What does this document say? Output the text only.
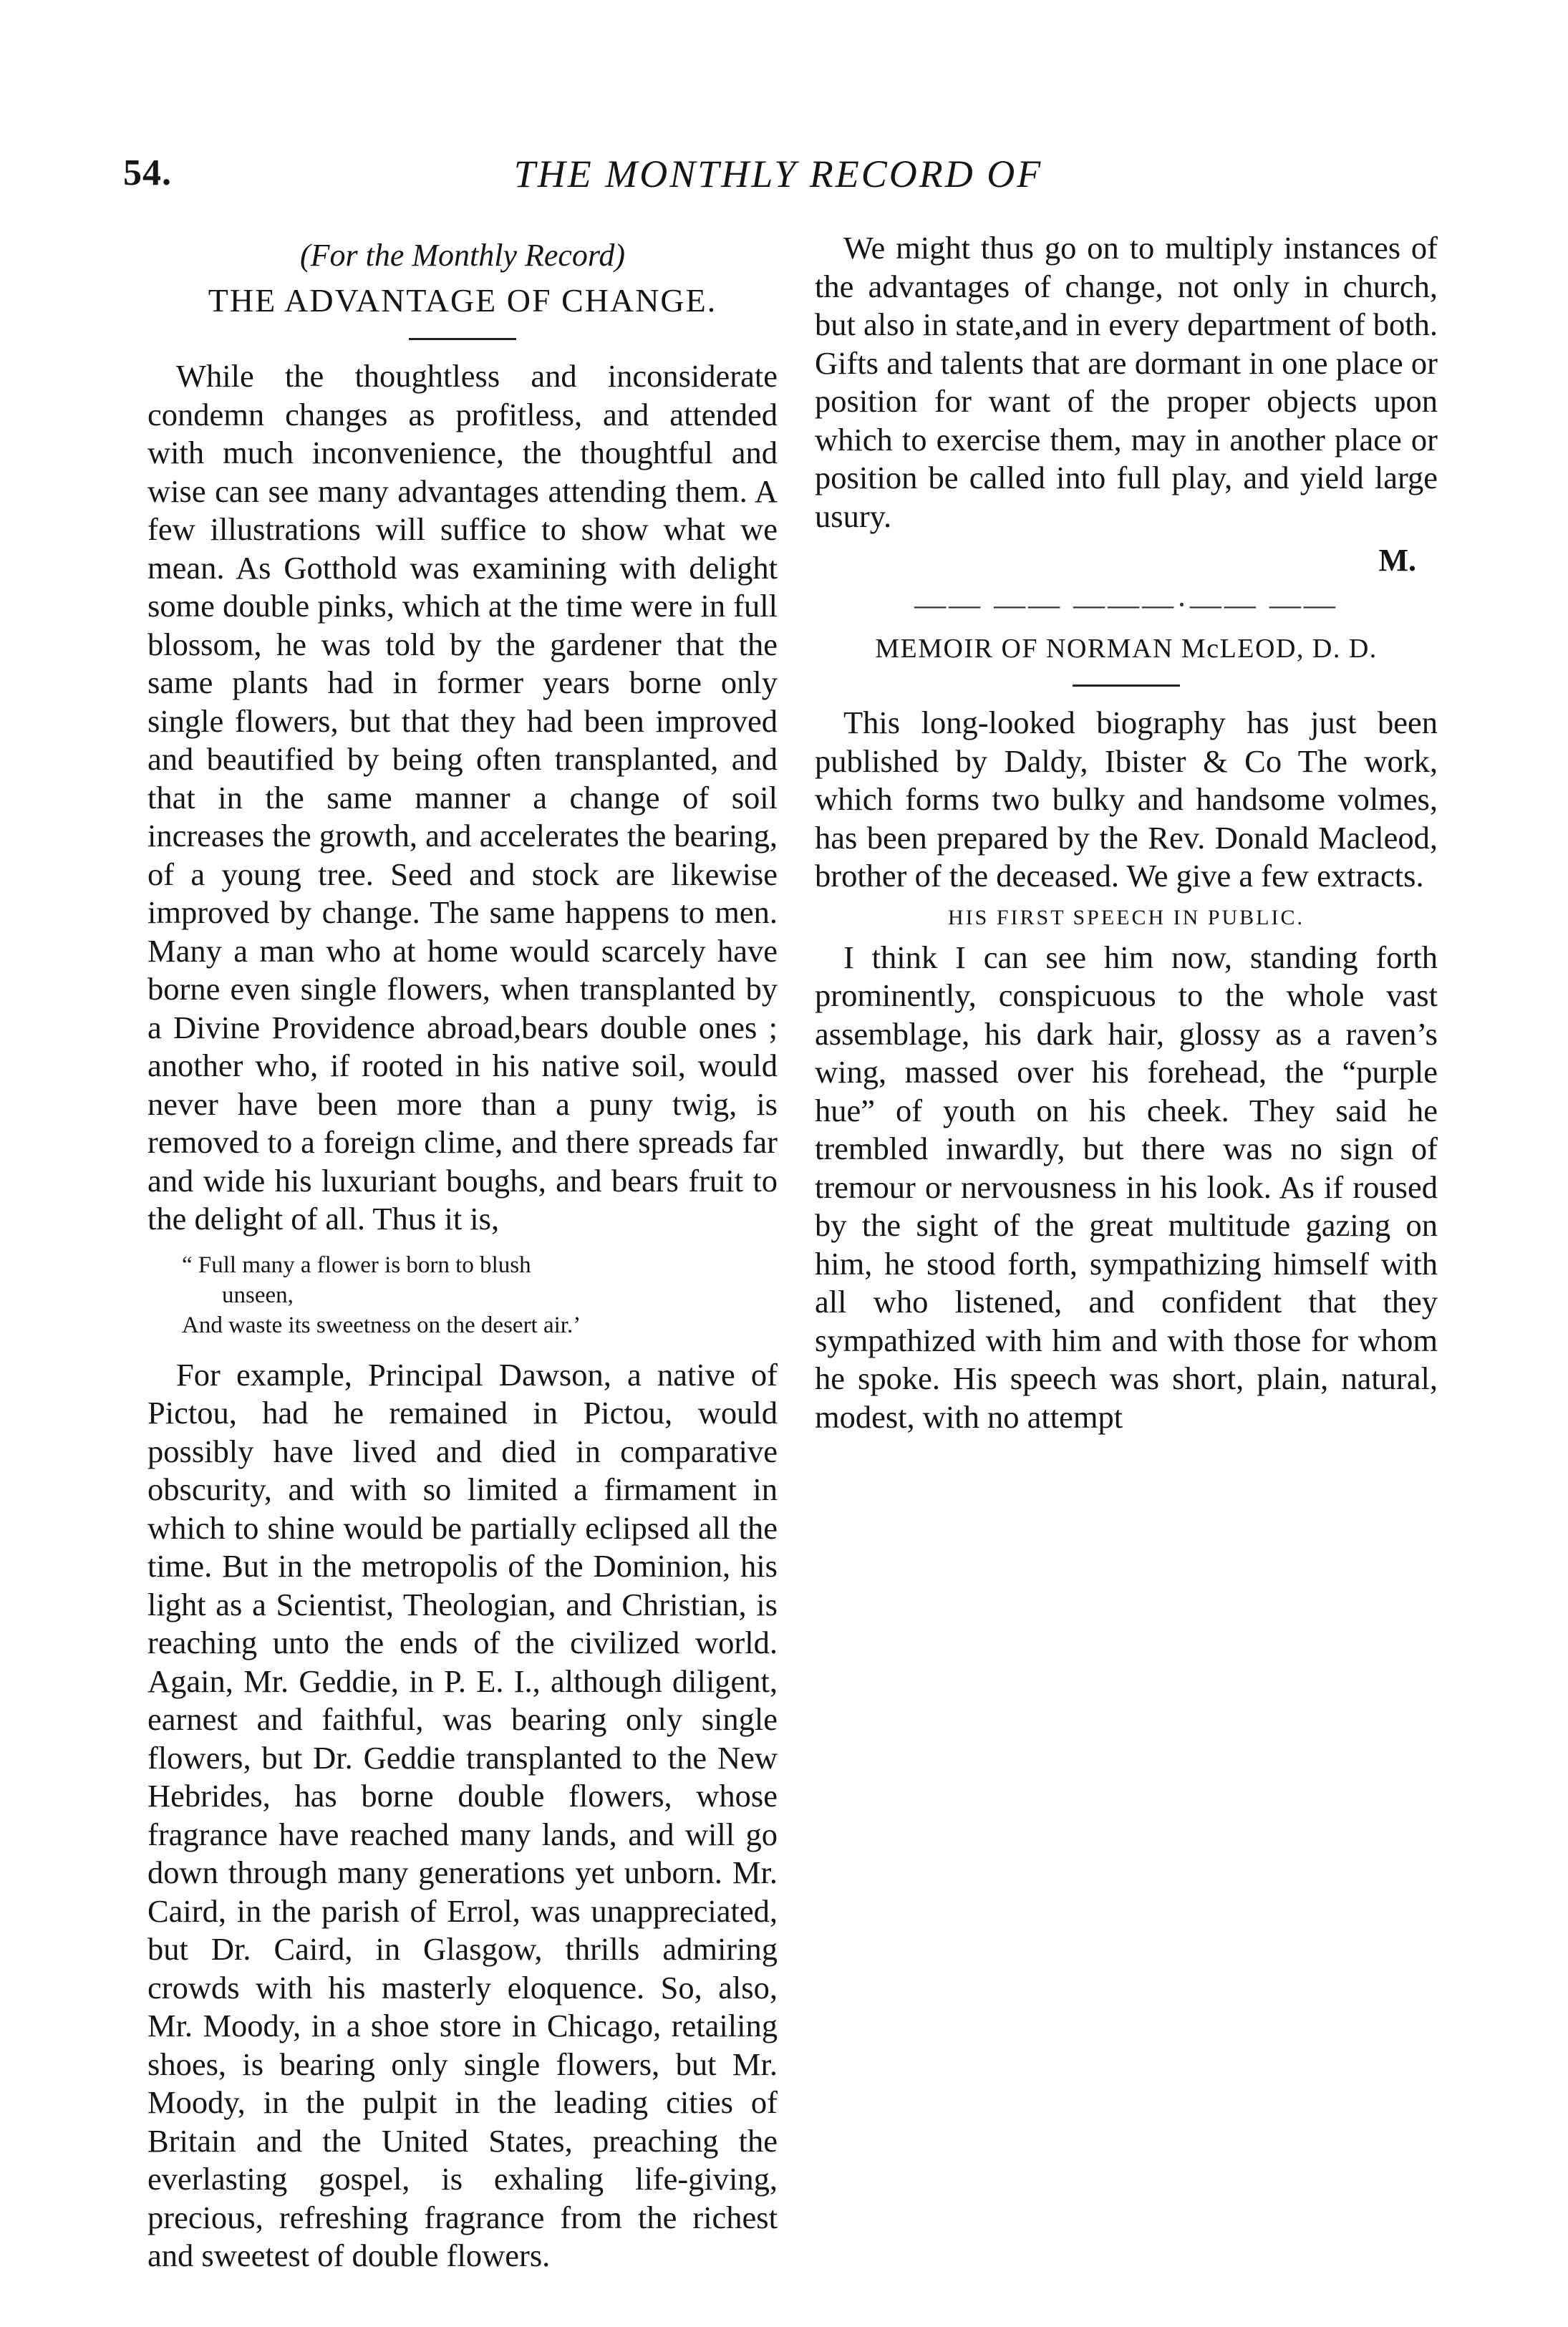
54.	THE MONTHLY RECORD OF
(For the Monthly Record)
THE ADVANTAGE OF CHANGE.

While the thoughtless and inconsiderate condemn changes as profitless, and attended with much inconvenience, the thoughtful and wise can see many advantages attending them. A few illustrations will suffice to show what we mean. As Gotthold was examining with delight some double pinks, which at the time were in full blossom, he was told by the gardener that the same plants had in former years borne only single flowers, but that they had been improved and beautified by being often transplanted, and that in the same manner a change of soil increases the growth, and accelerates the bearing, of a young tree. Seed and stock are likewise improved by change. The same happens to men. Many a man who at home would scarcely have borne even single flowers, when transplanted by a Divine Providence abroad,bears double ones ; another who, if rooted in his native soil, would never have been more than a puny twig, is removed to a foreign clime, and there spreads far and wide his luxuriant boughs, and bears fruit to the delight of all. Thus it is,

“ Full many a flower is born to blush
unseen,
And waste its sweetness on the desert air.’

For example, Principal Dawson, a native of Pictou, had he remained in Pictou, would possibly have lived and died in comparative obscurity, and with so limited a firmament in which to shine would be partially eclipsed all the time. But in the metropolis of the Dominion, his light as a Scientist, Theologian, and Christian, is reaching unto the ends of the civilized world. Again, Mr. Geddie, in P. E. I., although diligent, earnest and faithful, was bearing only single flowers, but Dr. Geddie transplanted to the New Hebrides, has borne double flowers, whose fragrance have reached many lands, and will go down through many generations yet unborn. Mr. Caird, in the parish of Errol, was unappreciated, but Dr. Caird, in Glasgow, thrills admiring crowds with his masterly eloquence. So, also, Mr. Moody, in a shoe store in Chicago, retailing shoes, is bearing only single flowers, but Mr. Moody, in the pulpit in the leading cities of Britain and the United States, preaching the everlasting gospel, is exhaling life-giving, precious, refreshing fragrance from the richest and sweetest of double flowers.

We might thus go on to multiply instances of the advantages of change, not only in church, but also in state,and in every department of both. Gifts and talents that are dormant in one place or position for want of the proper objects upon which to exercise them, may in another place or position be called into full play, and yield large usury.

M.
—— —— ———·—— ——
MEMOIR OF NORMAN McLEOD, D. D.

This long-looked biography has just been published by Daldy, Ibister & Co The work, which forms two bulky and handsome volmes, has been prepared by the Rev. Donald Macleod, brother of the deceased. We give a few extracts.

HIS FIRST SPEECH IN PUBLIC.

I think I can see him now, standing forth prominently, conspicuous to the whole vast assemblage, his dark hair, glossy as a raven’s wing, massed over his forehead, the “purple hue” of youth on his cheek. They said he trembled inwardly, but there was no sign of tremour or nervousness in his look. As if roused by the sight of the great multitude gazing on him, he stood forth, sympathizing himself with all who listened, and confident that they sympathized with him and with those for whom he spoke. His speech was short, plain, natural, modest, with no attempt
